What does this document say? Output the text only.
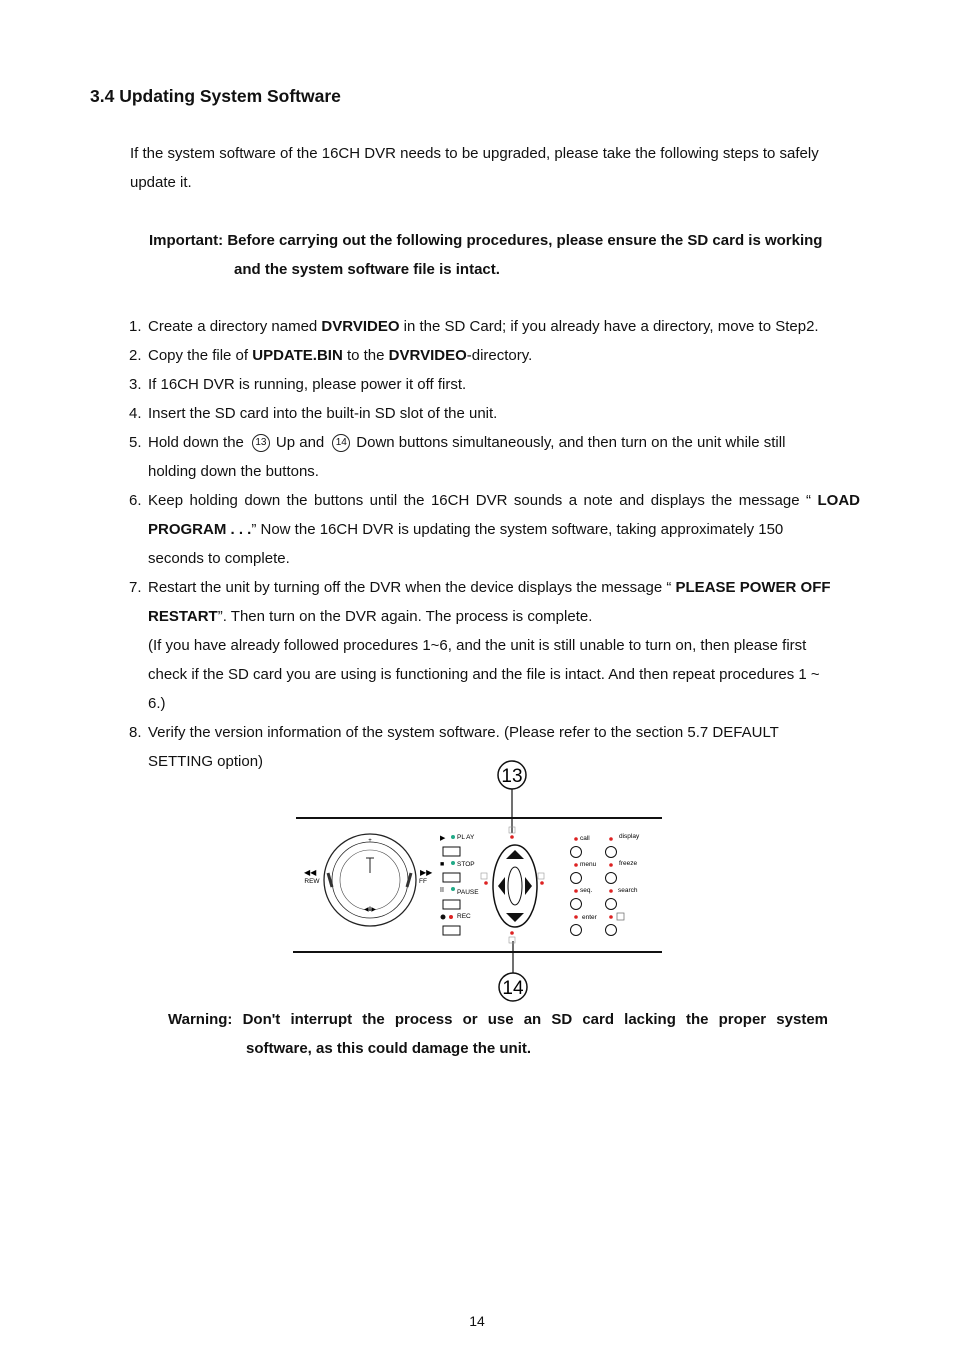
3.4 Updating System Software
If the system software of the 16CH DVR needs to be upgraded, please take the following steps to safely
update it.
Important: Before carrying out the following procedures, please ensure the SD card is working
and the system software file is intact.
1. Create a directory named DVRVIDEO in the SD Card; if you already have a directory, move to Step2.
2. Copy the file of UPDATE.BIN to the DVRVIDEO-directory.
3. If 16CH DVR is running, please power it off first.
4. Insert the SD card into the built-in SD slot of the unit.
5. Hold down the 13 Up and 14 Down buttons simultaneously, and then turn on the unit while still
holding down the buttons.
6. Keep holding down the buttons until the 16CH DVR sounds a note and displays the message “ LOAD PROGRAM . . .” Now the 16CH DVR is updating the system software, taking approximately 150
seconds to complete.
7. Restart the unit by turning off the DVR when the device displays the message “ PLEASE POWER OFF
RESTART”. Then turn on the DVR again. The process is complete.
(If you have already followed procedures 1~6, and the unit is still unable to turn on, then please first
check if the SD card you are using is functioning and the file is intact. And then repeat procedures 1 ~
6.)
8. Verify the version information of the system software. (Please refer to the section 5.7 DEFAULT
SETTING option)
13
14
◀ll▶
+
◀◀
REW
▶▶
FF
▶ PL AY
■ STOP
II PAUSE
REC
call	display
menu	freeze
seq.	search
enter
Warning: Don't interrupt the process or use an SD card lacking the proper system
software, as this could damage the unit.
14
